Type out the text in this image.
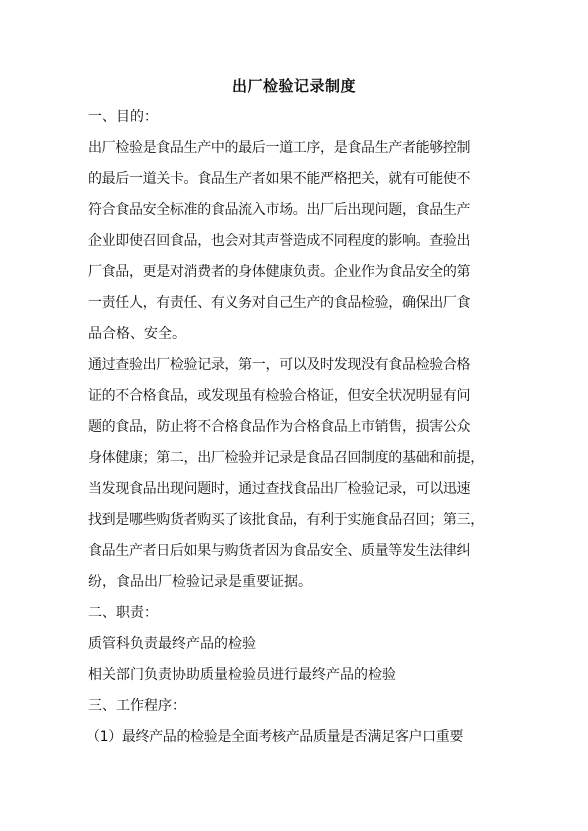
出厂检验记录制度
一、目的：
出厂检验是食品生产中的最后一道工序，是食品生产者能够控制
的最后一道关卡。食品生产者如果不能严格把关，就有可能使不
符合食品安全标准的食品流入市场。出厂后出现问题，食品生产
企业即使召回食品，也会对其声誉造成不同程度的影响。查验出
厂食品，更是对消费者的身体健康负责。企业作为食品安全的第
一责任人，有责任、有义务对自己生产的食品检验，确保出厂食
品合格、安全。
通过查验出厂检验记录，第一，可以及时发现没有食品检验合格
证的不合格食品，或发现虽有检验合格证，但安全状况明显有问
题的食品，防止将不合格食品作为合格食品上市销售，损害公众
身体健康；第二，出厂检验并记录是食品召回制度的基础和前提，
当发现食品出现问题时，通过查找食品出厂检验记录，可以迅速
找到是哪些购货者购买了该批食品，有利于实施食品召回；第三，
食品生产者日后如果与购货者因为食品安全、质量等发生法律纠
纷，食品出厂检验记录是重要证据。
二、职责：
质管科负责最终产品的检验
相关部门负责协助质量检验员进行最终产品的检验
三、工作程序：
（1）最终产品的检验是全面考核产品质量是否满足客户口重要
